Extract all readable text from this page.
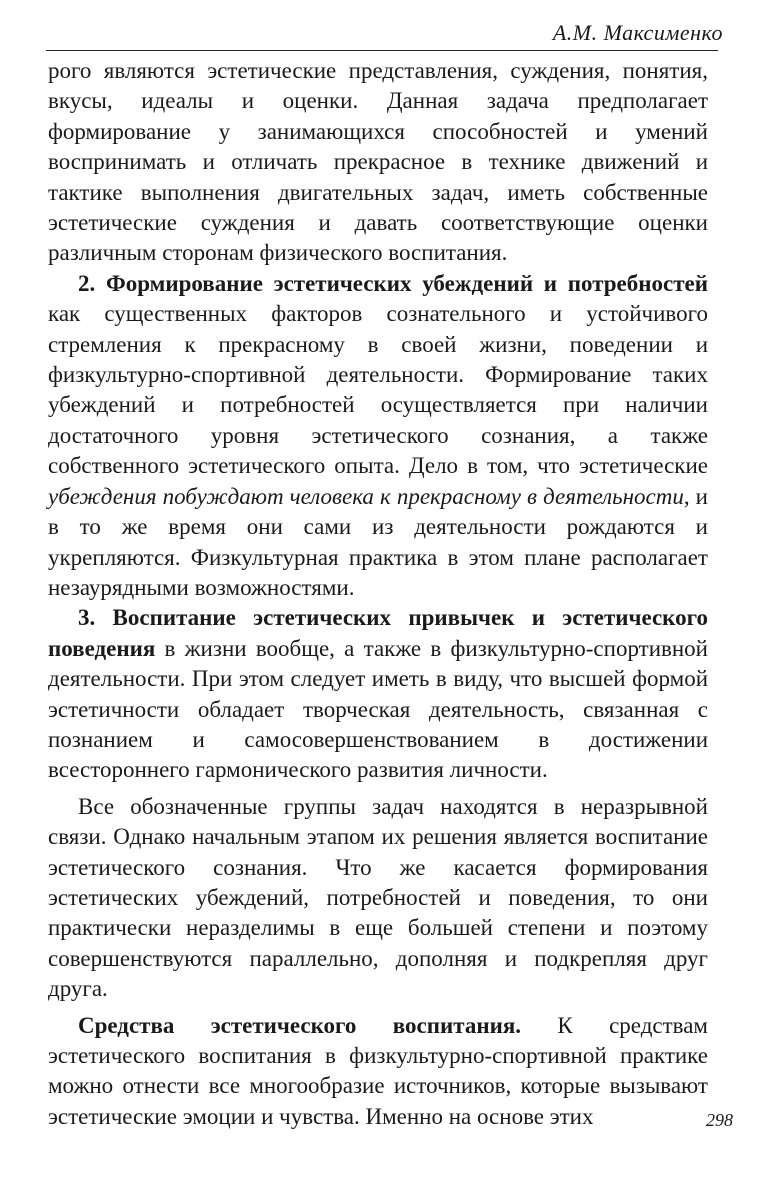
А.М. Максименко

рого являются эстетические представления, суждения, понятия, вкусы, идеалы и оценки. Данная задача предполагает формирование у занимающихся способностей и умений воспринимать и отличать прекрасное в технике движений и тактике выполнения двигательных задач, иметь собственные эстетические суждения и давать соответствующие оценки различным сторонам физического воспитания.

2. Формирование эстетических убеждений и потребностей как существенных факторов сознательного и устойчивого стремления к прекрасному в своей жизни, поведении и физкультурно-спортивной деятельности. Формирование таких убеждений и потребностей осуществляется при наличии достаточного уровня эстетического сознания, а также собственного эстетического опыта. Дело в том, что эстетические убеждения побуждают человека к прекрасному в деятельности, и в то же время они сами из деятельности рождаются и укрепляются. Физкультурная практика в этом плане располагает незаурядными возможностями.

3. Воспитание эстетических привычек и эстетического поведения в жизни вообще, а также в физкультурно-спортивной деятельности. При этом следует иметь в виду, что высшей формой эстетичности обладает творческая деятельность, связанная с познанием и самосовершенствованием в достижении всестороннего гармонического развития личности.

Все обозначенные группы задач находятся в неразрывной связи. Однако начальным этапом их решения является воспитание эстетического сознания. Что же касается формирования эстетических убеждений, потребностей и поведения, то они практически неразделимы в еще большей степени и поэтому совершенствуются параллельно, дополняя и подкрепляя друг друга.

Средства эстетического воспитания. К средствам эстетического воспитания в физкультурно-спортивной практике можно отнести все многообразие источников, которые вызывают эстетические эмоции и чувства. Именно на основе этих	298
